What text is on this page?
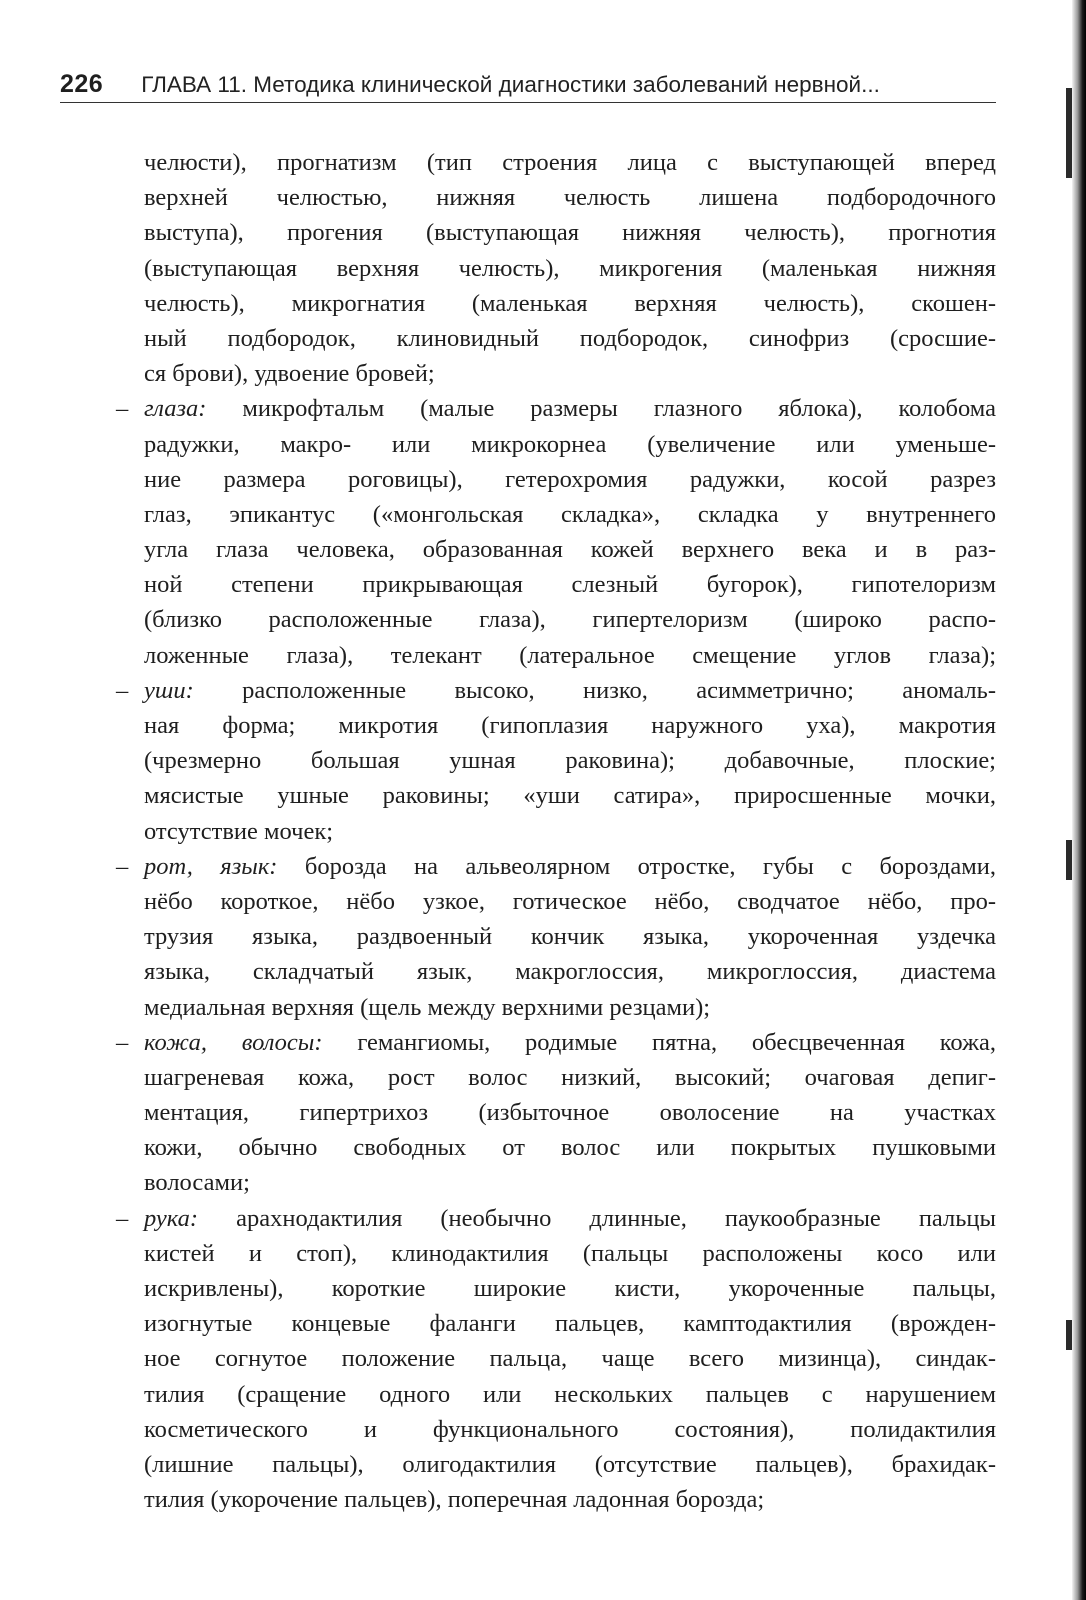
226 ГЛАВА 11. Методика клинической диагностики заболеваний нервной...
челюсти), прогнатизм (тип строения лица с выступающей вперед
верхней челюстью, нижняя челюсть лишена подбородочного
выступа), прогения (выступающая нижняя челюсть), прогнотия
(выступающая верхняя челюсть), микрогения (маленькая нижняя
челюсть), микрогнатия (маленькая верхняя челюсть), скошен-
ный подбородок, клиновидный подбородок, синофриз (сросшие-
ся брови), удвоение бровей;
– глаза: микрофтальм (малые размеры глазного яблока), колобома
радужки, макро- или микрокорнеа (увеличение или уменьше-
ние размера роговицы), гетерохромия радужки, косой разрез
глаз, эпикантус («монгольская складка», складка у внутреннего
угла глаза человека, образованная кожей верхнего века и в раз-
ной степени прикрывающая слезный бугорок), гипотелоризм
(близко расположенные глаза), гипертелоризм (широко распо-
ложенные глаза), телекант (латеральное смещение углов глаза);
– уши: расположенные высоко, низко, асимметрично; аномаль-
ная форма; микротия (гипоплазия наружного уха), макротия
(чрезмерно большая ушная раковина); добавочные, плоские;
мясистые ушные раковины; «уши сатира», приросшенные мочки,
отсутствие мочек;
– рот, язык: борозда на альвеолярном отростке, губы с бороздами,
нёбо короткое, нёбо узкое, готическое нёбо, сводчатое нёбо, про-
трузия языка, раздвоенный кончик языка, укороченная уздечка
языка, складчатый язык, макроглоссия, микроглоссия, диастема
медиальная верхняя (щель между верхними резцами);
– кожа, волосы: гемангиомы, родимые пятна, обесцвеченная кожа,
шагреневая кожа, рост волос низкий, высокий; очаговая депиг-
ментация, гипертрихоз (избыточное оволосение на участках
кожи, обычно свободных от волос или покрытых пушковыми
волосами;
– рука: арахнодактилия (необычно длинные, паукообразные пальцы
кистей и стоп), клинодактилия (пальцы расположены косо или
искривлены), короткие широкие кисти, укороченные пальцы,
изогнутые концевые фаланги пальцев, камптодактилия (врожден-
ное согнутое положение пальца, чаще всего мизинца), синдак-
тилия (сращение одного или нескольких пальцев с нарушением
косметического и функционального состояния), полидактилия
(лишние пальцы), олигодактилия (отсутствие пальцев), брахидак-
тилия (укорочение пальцев), поперечная ладонная борозда;
